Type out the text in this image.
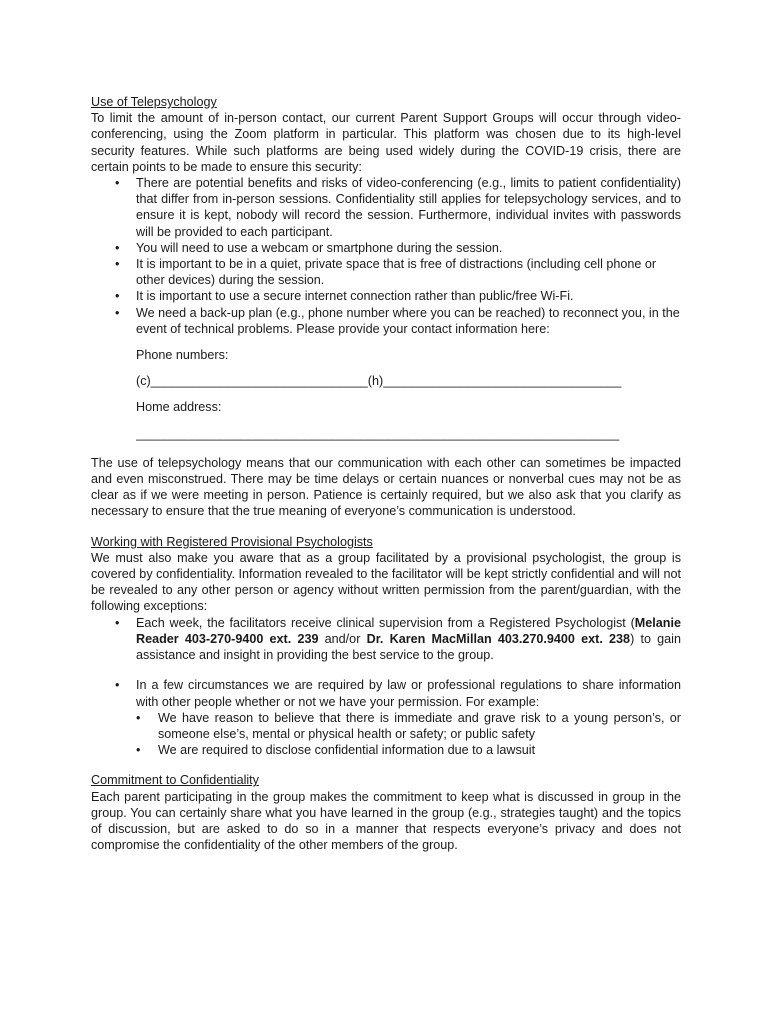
Use of Telepsychology
To limit the amount of in-person contact, our current Parent Support Groups will occur through video-conferencing, using the Zoom platform in particular. This platform was chosen due to its high-level security features. While such platforms are being used widely during the COVID-19 crisis, there are certain points to be made to ensure this security:
• There are potential benefits and risks of video-conferencing (e.g., limits to patient confidentiality) that differ from in-person sessions. Confidentiality still applies for telepsychology services, and to ensure it is kept, nobody will record the session. Furthermore, individual invites with passwords will be provided to each participant.
• You will need to use a webcam or smartphone during the session.
• It is important to be in a quiet, private space that is free of distractions (including cell phone or other devices) during the session.
• It is important to use a secure internet connection rather than public/free Wi-Fi.
• We need a back-up plan (e.g., phone number where you can be reached) to reconnect you, in the event of technical problems. Please provide your contact information here:
Phone numbers:
(c)_______________________________(h)__________________________________
Home address:
_____________________________________________________________________
The use of telepsychology means that our communication with each other can sometimes be impacted and even misconstrued. There may be time delays or certain nuances or nonverbal cues may not be as clear as if we were meeting in person. Patience is certainly required, but we also ask that you clarify as necessary to ensure that the true meaning of everyone’s communication is understood.
Working with Registered Provisional Psychologists
We must also make you aware that as a group facilitated by a provisional psychologist, the group is covered by confidentiality. Information revealed to the facilitator will be kept strictly confidential and will not be revealed to any other person or agency without written permission from the parent/guardian, with the following exceptions:
• Each week, the facilitators receive clinical supervision from a Registered Psychologist (Melanie Reader 403-270-9400 ext. 239 and/or Dr. Karen MacMillan 403.270.9400 ext. 238) to gain assistance and insight in providing the best service to the group.
• In a few circumstances we are required by law or professional regulations to share information with other people whether or not we have your permission. For example:
• We have reason to believe that there is immediate and grave risk to a young person’s, or someone else’s, mental or physical health or safety; or public safety
• We are required to disclose confidential information due to a lawsuit
Commitment to Confidentiality
Each parent participating in the group makes the commitment to keep what is discussed in group in the group. You can certainly share what you have learned in the group (e.g., strategies taught) and the topics of discussion, but are asked to do so in a manner that respects everyone’s privacy and does not compromise the confidentiality of the other members of the group.
